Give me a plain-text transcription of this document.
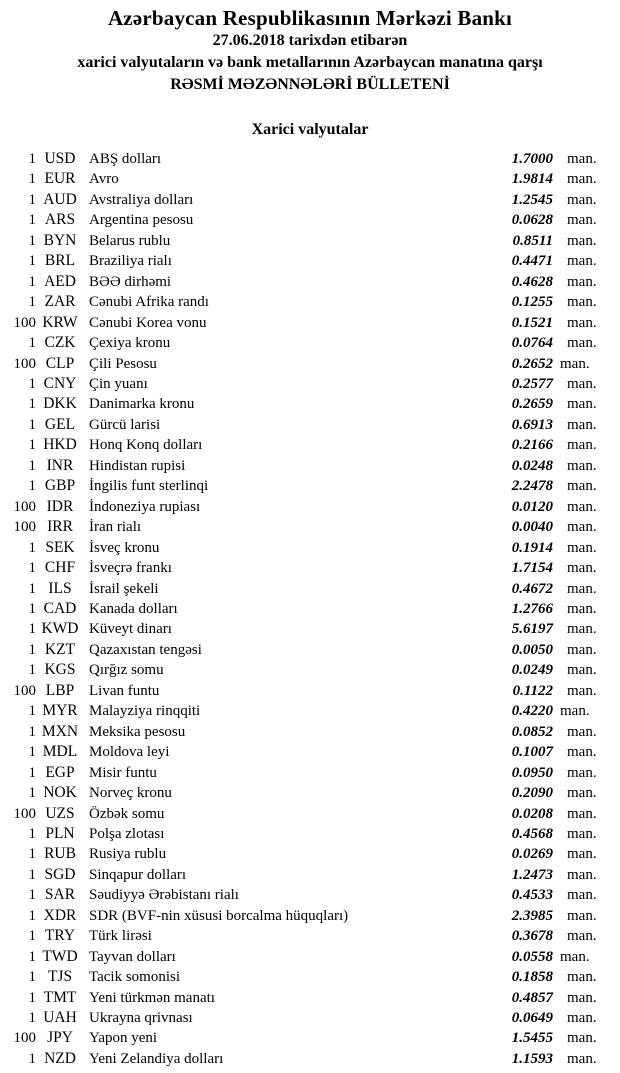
Azərbaycan Respublikasının Mərkəzi Bankı
27.06.2018 tarixdən etibarən
xarici valyutaların və bank metallarının Azərbaycan manatına qarşı
RƏSMİ MƏZƏNNƏLƏRİ BÜLLETENİ
Xarici valyutalar
1 USD ABŞ dolları	1.7000 man.
1 EUR Avro	1.9814 man.
1 AUD Avstraliya dolları	1.2545 man.
1 ARS Argentina pesosu	0.0628 man.
1 BYN Belarus rublu	0.8511 man.
1 BRL Braziliya rialı	0.4471 man.
1 AED BƏƏ dirhəmi	0.4628 man.
1 ZAR Cənubi Afrika randı	0.1255 man.
100 KRW Cənubi Korea vonu	0.1521 man.
1 CZK Çexiya kronu	0.0764 man.
100 CLP Çili Pesosu	0.2652 man.
1 CNY Çin yuanı	0.2577 man.
1 DKK Danimarka kronu	0.2659 man.
1 GEL Gürcü larisi	0.6913 man.
1 HKD Honq Konq dolları	0.2166 man.
1 INR	Hindistan rupisi	0.0248 man.
1 GBP İngilis funt sterlinqi	2.2478 man.
100 IDR	İndoneziya rupiası	0.0120 man.
100 IRR	İran rialı	0.0040 man.
1 SEK İsveç kronu	0.1914 man.
1 CHF İsveçrə frankı	1.7154 man.
1 ILS	İsrail şekeli	0.4672 man.
1 CAD Kanada dolları	1.2766 man.
1 KWD Küveyt dinarı	5.6197 man.
1 KZT Qazaxıstan tengəsi	0.0050 man.
1 KGS Qırğız somu	0.0249 man.
100 LBP Livan funtu	0.1122 man.
1 MYR Malayziya rinqqiti	0.4220 man.
1 MXN Meksika pesosu	0.0852 man.
1 MDL Moldova leyi	0.1007 man.
1 EGP Misir funtu	0.0950 man.
1 NOK Norveç kronu	0.2090 man.
100 UZS Özbək somu	0.0208 man.
1 PLN Polşa zlotası	0.4568 man.
1 RUB Rusiya rublu	0.0269 man.
1 SGD Sinqapur dolları	1.2473 man.
1 SAR Səudiyyə Ərəbistanı rialı	0.4533 man.
1 XDR SDR (BVF-nin xüsusi borcalma hüquqları)	2.3985 man.
1 TRY Türk lirəsi	0.3678 man.
1 TWD Tayvan dolları	0.0558 man.
1 TJS	Tacik somonisi	0.1858 man.
1 TMT Yeni türkmən manatı	0.4857 man.
1 UAH Ukrayna qrivnası	0.0649 man.
100 JPY	Yapon yeni	1.5455 man.
1 NZD Yeni Zelandiya dolları	1.1593 man.
